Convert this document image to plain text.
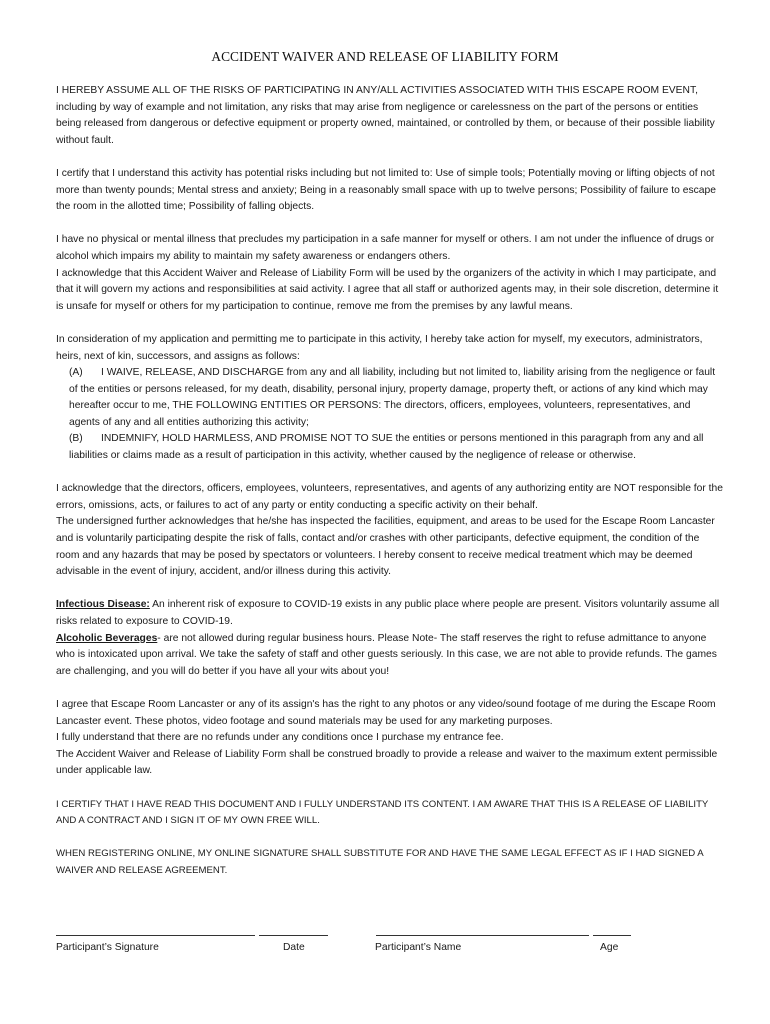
ACCIDENT WAIVER AND RELEASE OF LIABILITY FORM

I HEREBY ASSUME ALL OF THE RISKS OF PARTICIPATING IN ANY/ALL ACTIVITIES ASSOCIATED WITH THIS ESCAPE ROOM EVENT, including by way of example and not limitation, any risks that may arise from negligence or carelessness on the part of the persons or entities being released from dangerous or defective equipment or property owned, maintained, or controlled by them, or because of their possible liability without fault.

I certify that I understand this activity has potential risks including but not limited to: Use of simple tools; Potentially moving or lifting objects of not more than twenty pounds; Mental stress and anxiety; Being in a reasonably small space with up to twelve persons; Possibility of failure to escape the room in the allotted time; Possibility of falling objects.

I have no physical or mental illness that precludes my participation in a safe manner for myself or others. I am not under the influence of drugs or alcohol which impairs my ability to maintain my safety awareness or endangers others.

I acknowledge that this Accident Waiver and Release of Liability Form will be used by the organizers of the activity in which I may participate, and that it will govern my actions and responsibilities at said activity. I agree that all staff or authorized agents may, in their sole discretion, determine it is unsafe for myself or others for my participation to continue, remove me from the premises by any lawful means.

In consideration of my application and permitting me to participate in this activity, I hereby take action for myself, my executors, administrators, heirs, next of kin, successors, and assigns as follows:

(A) I WAIVE, RELEASE, AND DISCHARGE from any and all liability, including but not limited to, liability arising from the negligence or fault of the entities or persons released, for my death, disability, personal injury, property damage, property theft, or actions of any kind which may hereafter occur to me, THE FOLLOWING ENTITIES OR PERSONS: The directors, officers, employees, volunteers, representatives, and agents of any and all entities authorizing this activity;
(B) INDEMNIFY, HOLD HARMLESS, AND PROMISE NOT TO SUE the entities or persons mentioned in this paragraph from any and all liabilities or claims made as a result of participation in this activity, whether caused by the negligence of release or otherwise.

I acknowledge that the directors, officers, employees, volunteers, representatives, and agents of any authorizing entity are NOT responsible for the errors, omissions, acts, or failures to act of any party or entity conducting a specific activity on their behalf.

The undersigned further acknowledges that he/she has inspected the facilities, equipment, and areas to be used for the Escape Room Lancaster and is voluntarily participating despite the risk of falls, contact and/or crashes with other participants, defective equipment, the condition of the room and any hazards that may be posed by spectators or volunteers. I hereby consent to receive medical treatment which may be deemed advisable in the event of injury, accident, and/or illness during this activity.

Infectious Disease: An inherent risk of exposure to COVID-19 exists in any public place where people are present. Visitors voluntarily assume all risks related to exposure to COVID-19.
Alcoholic Beverages- are not allowed during regular business hours. Please Note- The staff reserves the right to refuse admittance to anyone who is intoxicated upon arrival. We take the safety of staff and other guests seriously. In this case, we are not able to provide refunds. The games are challenging, and you will do better if you have all your wits about you!

I agree that Escape Room Lancaster or any of its assign's has the right to any photos or any video/sound footage of me during the Escape Room Lancaster event. These photos, video footage and sound materials may be used for any marketing purposes.

I fully understand that there are no refunds under any conditions once I purchase my entrance fee.

The Accident Waiver and Release of Liability Form shall be construed broadly to provide a release and waiver to the maximum extent permissible under applicable law.

I CERTIFY THAT I HAVE READ THIS DOCUMENT AND I FULLY UNDERSTAND ITS CONTENT. I AM AWARE THAT THIS IS A RELEASE OF LIABILITY AND A CONTRACT AND I SIGN IT OF MY OWN FREE WILL.

WHEN REGISTERING ONLINE, MY ONLINE SIGNATURE SHALL SUBSTITUTE FOR AND HAVE THE SAME LEGAL EFFECT AS IF I HAD SIGNED A WAIVER AND RELEASE AGREEMENT.

Participant’s Signature	Date	Participant’s Name	Age
